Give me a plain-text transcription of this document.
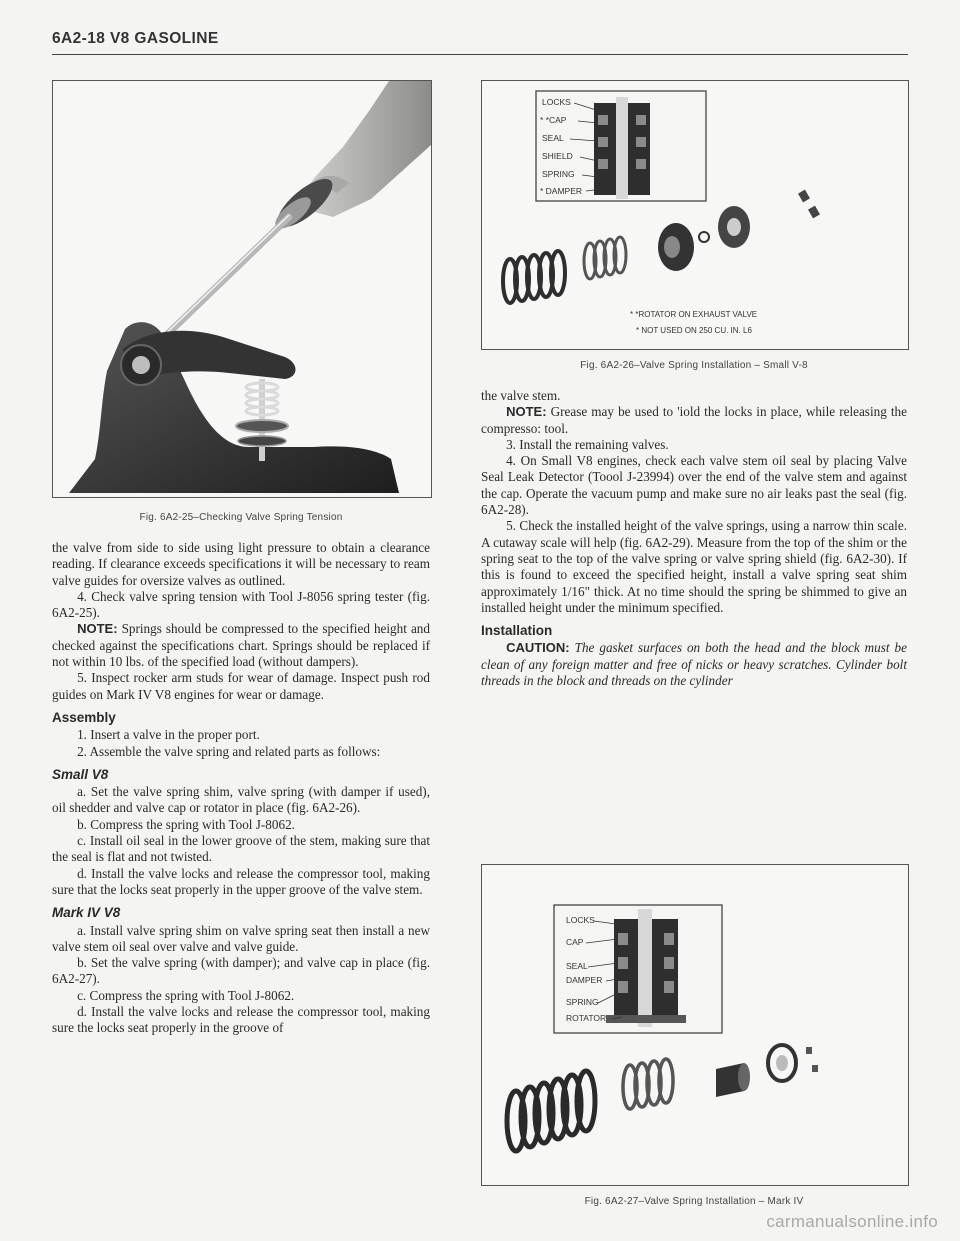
6A2-18 V8 GASOLINE
Fig. 6A2-25–Checking Valve Spring Tension
LOCKS
* *CAP
SEAL
SHIELD
SPRING
* DAMPER
* *ROTATOR ON EXHAUST VALVE
* NOT USED ON 250 CU. IN. L6
Fig. 6A2-26–Valve Spring Installation – Small V-8

the valve from side to side using light pressure to obtain a clearance reading. If clearance exceeds specifications it will be necessary to ream valve guides for oversize valves as outlined.

4. Check valve spring tension with Tool J-8056 spring tester (fig. 6A2-25).

NOTE: Springs should be compressed to the specified height and checked against the specifications chart. Springs should be replaced if not within 10 lbs. of the specified load (without dampers).

5. Inspect rocker arm studs for wear of damage. Inspect push rod guides on Mark IV V8 engines for wear or damage.

Assembly

1. Insert a valve in the proper port.

2. Assemble the valve spring and related parts as follows:

Small V8

a. Set the valve spring shim, valve spring (with damper if used), oil shedder and valve cap or rotator in place (fig. 6A2-26).

b. Compress the spring with Tool J-8062.

c. Install oil seal in the lower groove of the stem, making sure that the seal is flat and not twisted.

d. Install the valve locks and release the compressor tool, making sure that the locks seat properly in the upper groove of the valve stem.

Mark IV V8

a. Install valve spring shim on valve spring seat then install a new valve stem oil seal over valve and valve guide.

b. Set the valve spring (with damper); and valve cap in place (fig. 6A2-27).

c. Compress the spring with Tool J-8062.

d. Install the valve locks and release the compressor tool, making sure the locks seat properly in the groove of

the valve stem.

NOTE: Grease may be used to 'iold the locks in place, while releasing the compresso: tool.

3. Install the remaining valves.

4. On Small V8 engines, check each valve stem oil seal by placing Valve Seal Leak Detector (Toool J-23994) over the end of the valve stem and against the cap. Operate the vacuum pump and make sure no air leaks past the seal (fig. 6A2-28).

5. Check the installed height of the valve springs, using a narrow thin scale. A cutaway scale will help (fig. 6A2-29). Measure from the top of the shim or the spring seat to the top of the valve spring or valve spring shield (fig. 6A2-30). If this is found to exceed the specified height, install a valve spring seat shim approximately 1/16" thick. At no time should the spring be shimmed to give an installed height under the minimum specified.

Installation

CAUTION: The gasket surfaces on both the head and the block must be clean of any foreign matter and free of nicks or heavy scratches. Cylinder bolt threads in the block and threads on the cylinder

LOCKS
CAP
SEAL
DAMPER
SPRING
ROTATOR
Fig. 6A2-27–Valve Spring Installation – Mark IV
carmanualsonline.info
